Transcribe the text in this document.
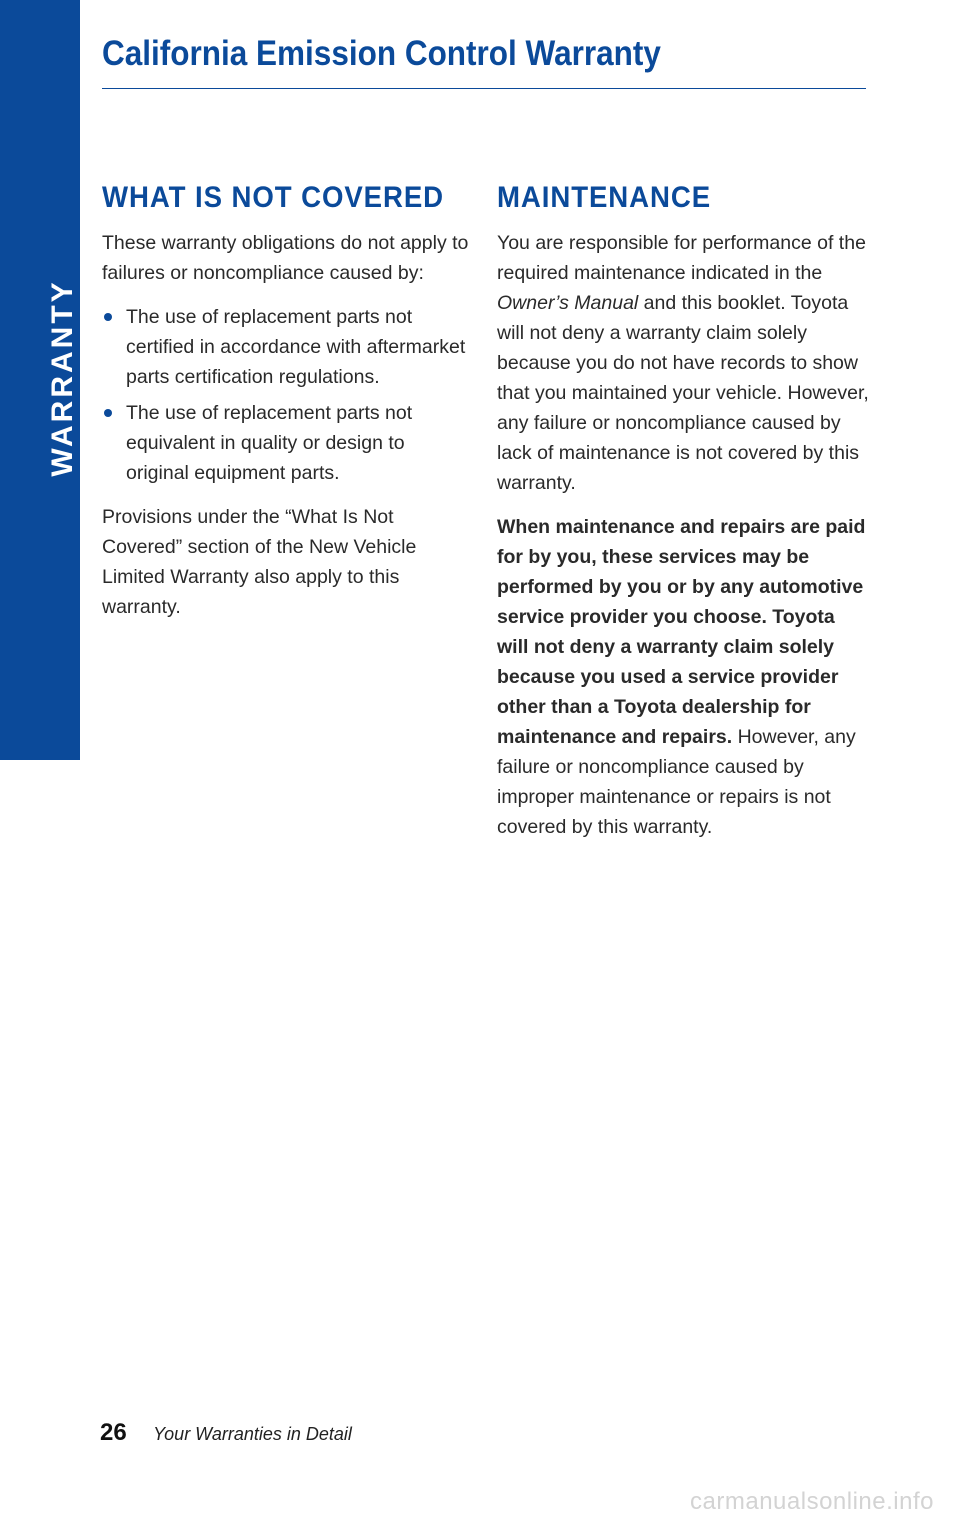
WARRANTY
California Emission Control Warranty
WHAT IS NOT COVERED

These warranty obligations do not apply to failures or noncompliance caused by:

The use of replacement parts not certified in accordance with aftermarket parts certification regulations.
The use of replacement parts not equivalent in quality or design to original equipment parts.

Provisions under the “What Is Not Covered” section of the New Vehicle Limited Warranty also apply to this warranty.

MAINTENANCE

You are responsible for performance of the required maintenance indicated in the Owner’s Manual and this booklet. Toyota will not deny a warranty claim solely because you do not have records to show that you maintained your vehicle. However, any failure or noncompliance caused by lack of maintenance is not covered by this warranty.

When maintenance and repairs are paid for by you, these services may be performed by you or by any automotive service provider you choose. Toyota will not deny a warranty claim solely because you used a service provider other than a Toyota dealership for maintenance and repairs. However, any failure or noncompliance caused by improper maintenance or repairs is not covered by this warranty.

26 Your Warranties in Detail
carmanualsonline.info
